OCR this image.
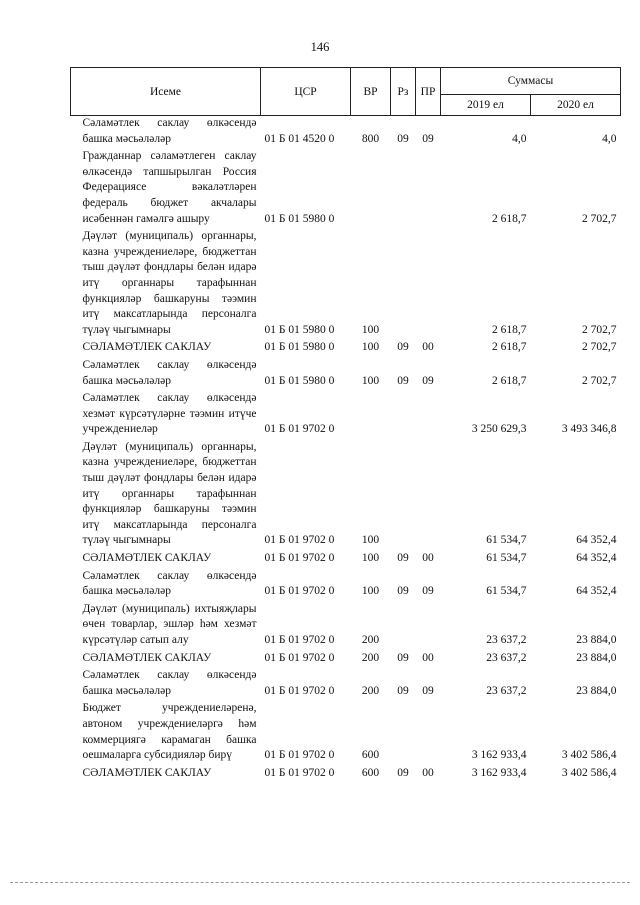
146
Исеме	ЦСР	ВР	Рз	ПР	Суммасы	
					2019 ел	2020 ел
Сәламәтлек саклау өлкәсендә башка мәсьәләләр	01 Б 01 4520 0	800	09	09	4,0	4,0
Гражданнар сәламәтлеген саклау өлкәсендә тапшырылган Россия Федерациясе вәкаләтләрен федераль бюджет акчалары исәбеннән гамәлгә ашыру	01 Б 01 5980 0				2 618,7	2 702,7
Дәүләт (муниципаль) органнары, казна учреждениеләре, бюджеттан тыш дәүләт фондлары белән идарә итү органнары тарафыннан функцияләр башкаруны тәэмин итү максатларында персоналга түләү чыгымнары	01 Б 01 5980 0	100			2 618,7	2 702,7
СӘЛАМӘТЛЕК САКЛАУ	01 Б 01 5980 0	100	09	00	2 618,7	2 702,7
Сәламәтлек саклау өлкәсендә башка мәсьәләләр	01 Б 01 5980 0	100	09	09	2 618,7	2 702,7
Сәламәтлек саклау өлкәсендә хезмәт күрсәтүләрне тәэмин итүче учреждениеләр	01 Б 01 9702 0				3 250 629,3	3 493 346,8
Дәүләт (муниципаль) органнары, казна учреждениеләре, бюджеттан тыш дәүләт фондлары белән идарә итү органнары тарафыннан функцияләр башкаруны тәэмин итү максатларында персоналга түләү чыгымнары	01 Б 01 9702 0	100			61 534,7	64 352,4
СӘЛАМӘТЛЕК САКЛАУ	01 Б 01 9702 0	100	09	00	61 534,7	64 352,4
Сәламәтлек саклау өлкәсендә башка мәсьәләләр	01 Б 01 9702 0	100	09	09	61 534,7	64 352,4
Дәүләт (муниципаль) ихтыяҗлары өчен товарлар, эшләр һәм хезмәт күрсәтүләр сатып алу	01 Б 01 9702 0	200			23 637,2	23 884,0
СӘЛАМӘТЛЕК САКЛАУ	01 Б 01 9702 0	200	09	00	23 637,2	23 884,0
Сәламәтлек саклау өлкәсендә башка мәсьәләләр	01 Б 01 9702 0	200	09	09	23 637,2	23 884,0
Бюджет учреждениеләренә, автоном учреждениеләргә һәм коммерциягә карамаган башка оешмаларга субсидияләр бирү	01 Б 01 9702 0	600			3 162 933,4	3 402 586,4
СӘЛАМӘТЛЕК САКЛАУ	01 Б 01 9702 0	600	09	00	3 162 933,4	3 402 586,4
